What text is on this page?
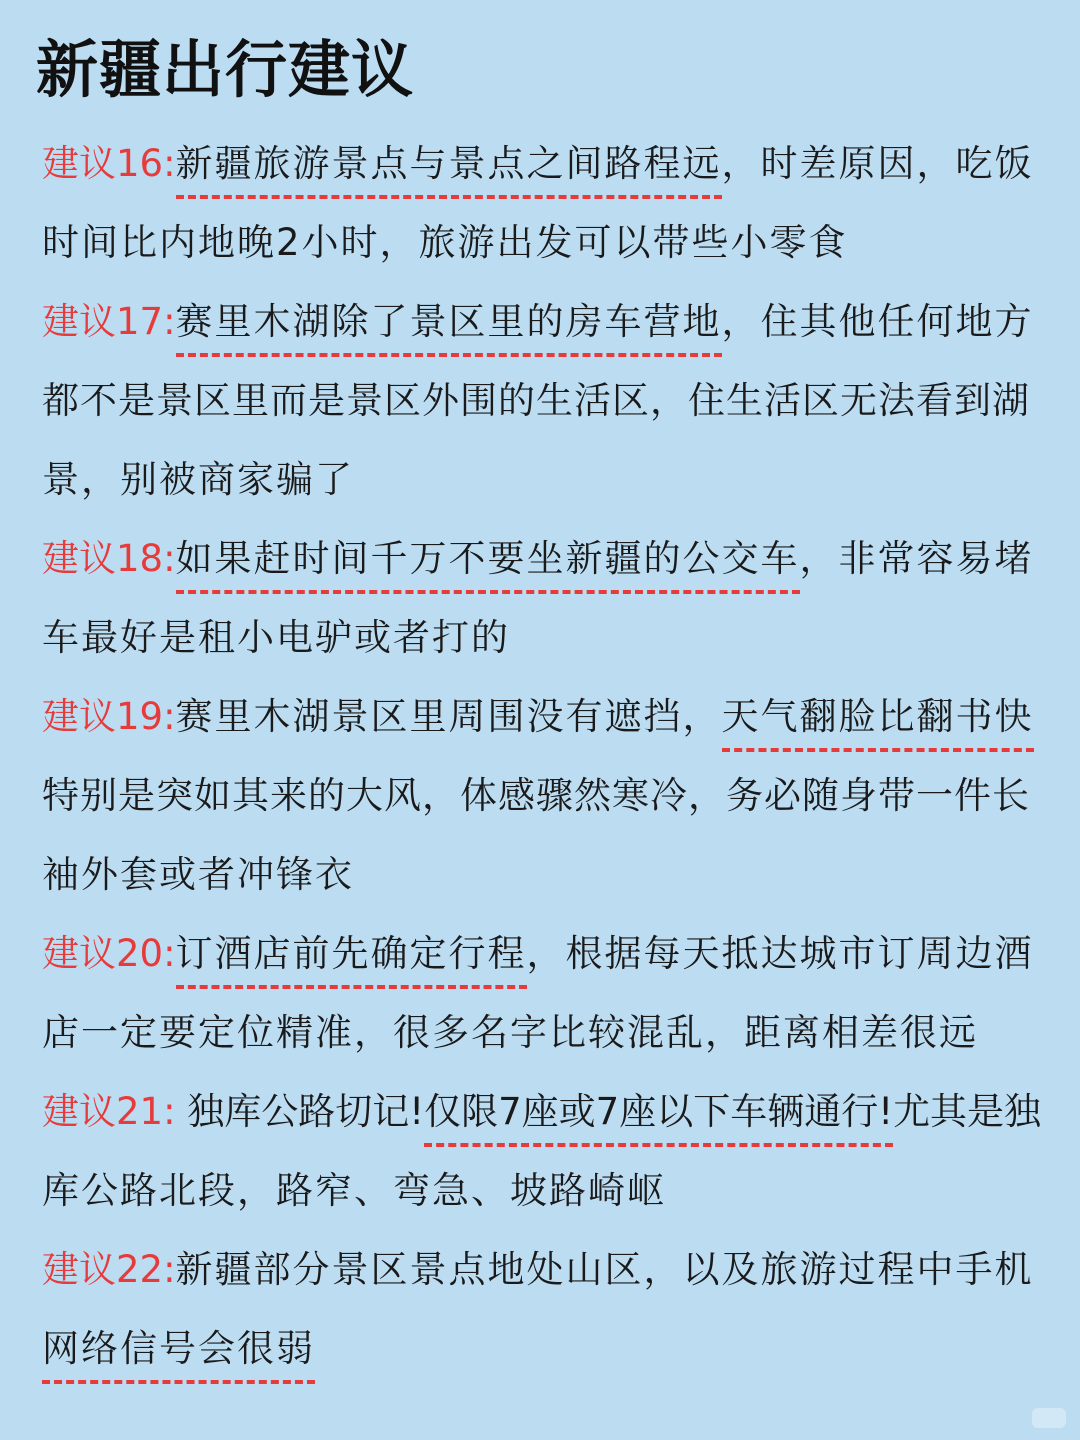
新疆出行建议
建议16:新疆旅游景点与景点之间路程远，时差原因，吃饭
时间比内地晚2小时，旅游出发可以带些小零食
建议17:赛里木湖除了景区里的房车营地，住其他任何地方
都不是景区里而是景区外围的生活区，住生活区无法看到湖
景，别被商家骗了
建议18:如果赶时间千万不要坐新疆的公交车，非常容易堵
车最好是租小电驴或者打的
建议19:赛里木湖景区里周围没有遮挡，天气翻脸比翻书快
特别是突如其来的大风，体感骤然寒冷，务必随身带一件长
袖外套或者冲锋衣
建议20:订酒店前先确定行程，根据每天抵达城市订周边酒
店一定要定位精准，很多名字比较混乱，距离相差很远
建议21: 独库公路切记!仅限7座或7座以下车辆通行!尤其是独
库公路北段，路窄、弯急、坡路崎岖
建议22:新疆部分景区景点地处山区，以及旅游过程中手机
网络信号会很弱
